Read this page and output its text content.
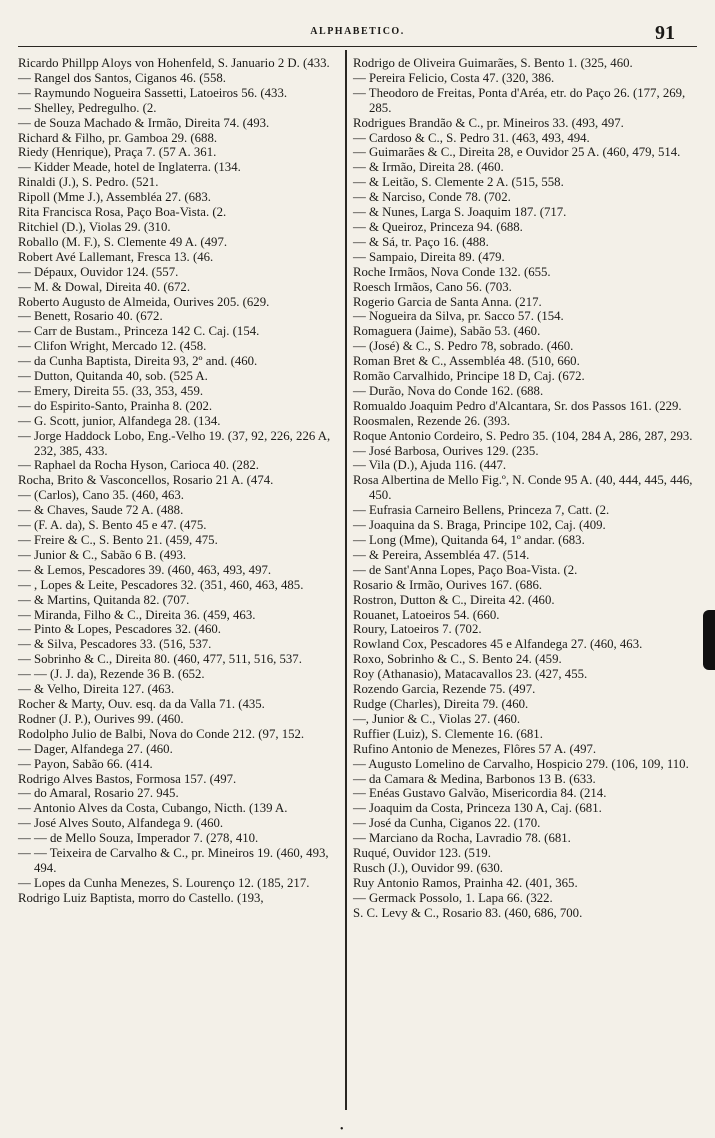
ALPHABETICO.	91
Ricardo Phillpp Aloys von Hohenfeld, S. Januario 2 D. (433.
— Rangel dos Santos, Ciganos 46. (558.
— Raymundo Nogueira Sassetti, Latoeiros 56. (433.
— Shelley, Pedregulho. (2.
— de Souza Machado & Irmão, Direita 74. (493.
Richard & Filho, pr. Gamboa 29. (688.
Riedy (Henrique), Praça 7. (57 A. 361.
— Kidder Meade, hotel de Inglaterra. (134.
Rinaldi (J.), S. Pedro. (521.
Ripoll (Mme J.), Assembléa 27. (683.
Rita Francisca Rosa, Paço Boa-Vista. (2.
Ritchiel (D.), Violas 29. (310.
Roballo (M. F.), S. Clemente 49 A. (497.
Robert Avé Lallemant, Fresca 13. (46.
— Dépaux, Ouvidor 124. (557.
— M. & Dowal, Direita 40. (672.
Roberto Augusto de Almeida, Ourives 205. (629.
— Benett, Rosario 40. (672.
— Carr de Bustam., Princeza 142 C. Caj. (154.
— Clifon Wright, Mercado 12. (458.
— da Cunha Baptista, Direita 93, 2º and. (460.
— Dutton, Quitanda 40, sob. (525 A.
— Emery, Direita 55. (33, 353, 459.
— do Espirito-Santo, Prainha 8. (202.
— G. Scott, junior, Alfandega 28. (134.
— Jorge Haddock Lobo, Eng.-Velho 19. (37, 92, 226, 226 A, 232, 385, 433.
— Raphael da Rocha Hyson, Carioca 40. (282.
Rocha, Brito & Vasconcellos, Rosario 21 A. (474.
— (Carlos), Cano 35. (460, 463.
— & Chaves, Saude 72 A. (488.
— (F. A. da), S. Bento 45 e 47. (475.
— Freire & C., S. Bento 21. (459, 475.
— Junior & C., Sabão 6 B. (493.
— & Lemos, Pescadores 39. (460, 463, 493, 497.
— , Lopes & Leite, Pescadores 32. (351, 460, 463, 485.
— & Martins, Quitanda 82. (707.
— Miranda, Filho & C., Direita 36. (459, 463.
— Pinto & Lopes, Pescadores 32. (460.
— & Silva, Pescadores 33. (516, 537.
— Sobrinho & C., Direita 80. (460, 477, 511, 516, 537.
— — (J. J. da), Rezende 36 B. (652.
— & Velho, Direita 127. (463.
Rocher & Marty, Ouv. esq. da da Valla 71. (435.
Rodner (J. P.), Ourives 99. (460.
Rodolpho Julio de Balbi, Nova do Conde 212. (97, 152.
— Dager, Alfandega 27. (460.
— Payon, Sabão 66. (414.
Rodrigo Alves Bastos, Formosa 157. (497.
— do Amaral, Rosario 27. 945.
— Antonio Alves da Costa, Cubango, Nicth. (139 A.
— José Alves Souto, Alfandega 9. (460.
— — de Mello Souza, Imperador 7. (278, 410.
— — Teixeira de Carvalho & C., pr. Mineiros 19. (460, 493, 494.
— Lopes da Cunha Menezes, S. Lourenço 12. (185, 217.
Rodrigo Luiz Baptista, morro do Castello. (193,
Rodrigo de Oliveira Guimarães, S. Bento 1. (325, 460.
— Pereira Felicio, Costa 47. (320, 386.
— Theodoro de Freitas, Ponta d'Aréa, etr. do Paço 26. (177, 269, 285.
Rodrigues Brandão & C., pr. Mineiros 33. (493, 497.
— Cardoso & C., S. Pedro 31. (463, 493, 494.
— Guimarães & C., Direita 28, e Ouvidor 25 A. (460, 479, 514.
— & Irmão, Direita 28. (460.
— & Leitão, S. Clemente 2 A. (515, 558.
— & Narciso, Conde 78. (702.
— & Nunes, Larga S. Joaquim 187. (717.
— & Queiroz, Princeza 94. (688.
— & Sá, tr. Paço 16. (488.
— Sampaio, Direita 89. (479.
Roche Irmãos, Nova Conde 132. (655.
Roesch Irmãos, Cano 56. (703.
Rogerio Garcia de Santa Anna. (217.
— Nogueira da Silva, pr. Sacco 57. (154.
Romaguera (Jaime), Sabão 53. (460.
— (José) & C., S. Pedro 78, sobrado. (460.
Roman Bret & C., Assembléa 48. (510, 660.
Romão Carvalhido, Principe 18 D, Caj. (672.
— Durão, Nova do Conde 162. (688.
Romualdo Joaquim Pedro d'Alcantara, Sr. dos Passos 161. (229.
Roosmalen, Rezende 26. (393.
Roque Antonio Cordeiro, S. Pedro 35. (104, 284 A, 286, 287, 293.
— José Barbosa, Ourives 129. (235.
— Vila (D.), Ajuda 116. (447.
Rosa Albertina de Mello Fig.º, N. Conde 95 A. (40, 444, 445, 446, 450.
— Eufrasia Carneiro Bellens, Princeza 7, Catt. (2.
— Joaquina da S. Braga, Principe 102, Caj. (409.
— Long (Mme), Quitanda 64, 1º andar. (683.
— & Pereira, Assembléa 47. (514.
— de Sant'Anna Lopes, Paço Boa-Vista. (2.
Rosario & Irmão, Ourives 167. (686.
Rostron, Dutton & C., Direita 42. (460.
Rouanet, Latoeiros 54. (660.
Roury, Latoeiros 7. (702.
Rowland Cox, Pescadores 45 e Alfandega 27. (460, 463.
Roxo, Sobrinho & C., S. Bento 24. (459.
Roy (Athanasio), Matacavallos 23. (427, 455.
Rozendo Garcia, Rezende 75. (497.
Rudge (Charles), Direita 79. (460.
—, Junior & C., Violas 27. (460.
Ruffier (Luiz), S. Clemente 16. (681.
Rufino Antonio de Menezes, Flôres 57 A. (497.
— Augusto Lomelino de Carvalho, Hospicio 279. (106, 109, 110.
— da Camara & Medina, Barbonos 13 B. (633.
— Enéas Gustavo Galvão, Misericordia 84. (214.
— Joaquim da Costa, Princeza 130 A, Caj. (681.
— José da Cunha, Ciganos 22. (170.
— Marciano da Rocha, Lavradio 78. (681.
Ruqué, Ouvidor 123. (519.
Rusch (J.), Ouvidor 99. (630.
Ruy Antonio Ramos, Prainha 42. (401, 365.
— Germack Possolo, 1. Lapa 66. (322.
S. C. Levy & C., Rosario 83. (460, 686, 700.
•
